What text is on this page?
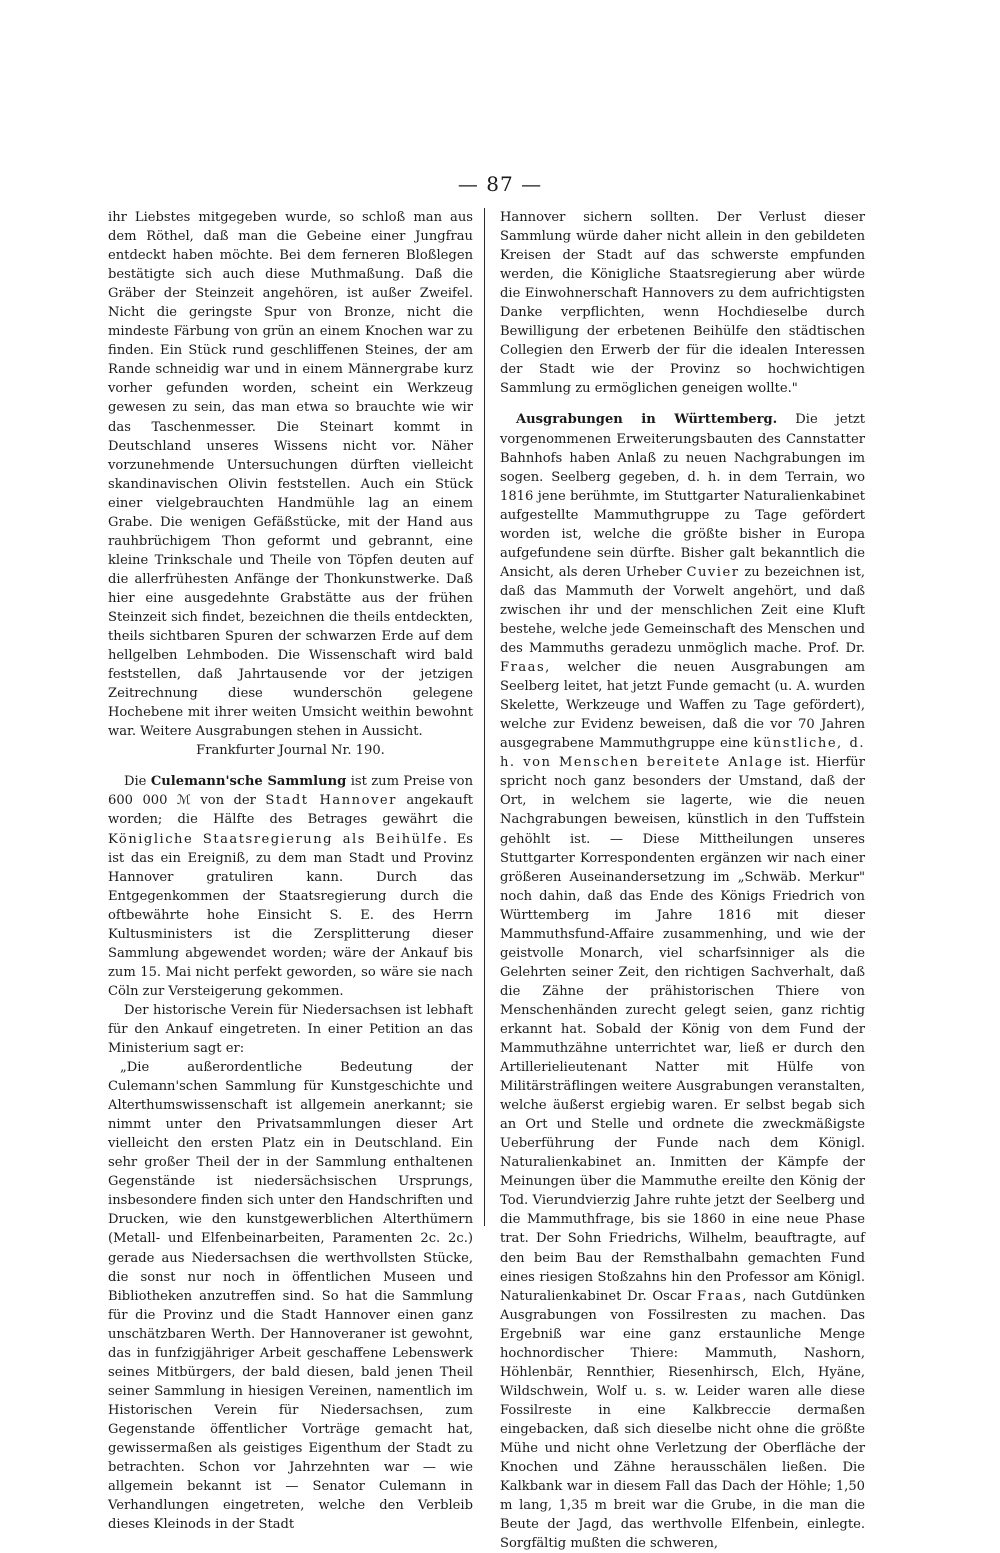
— 87 —

ihr Liebstes mitgegeben wurde, so schloß man aus dem Röthel, daß man die Gebeine einer Jungfrau entdeckt haben möchte. Bei dem ferneren Bloßlegen bestätigte sich auch diese Muthmaßung. Daß die Gräber der Steinzeit angehören, ist außer Zweifel. Nicht die geringste Spur von Bronze, nicht die mindeste Färbung von grün an einem Knochen war zu finden. Ein Stück rund geschliffenen Steines, der am Rande schneidig war und in einem Männergrabe kurz vorher gefunden worden, scheint ein Werkzeug gewesen zu sein, das man etwa so brauchte wie wir das Taschenmesser. Die Steinart kommt in Deutschland unseres Wissens nicht vor. Näher vorzunehmende Untersuchungen dürften vielleicht skandinavischen Olivin feststellen. Auch ein Stück einer vielgebrauchten Handmühle lag an einem Grabe. Die wenigen Gefäßstücke, mit der Hand aus rauhbrüchigem Thon geformt und gebrannt, eine kleine Trinkschale und Theile von Töpfen deuten auf die allerfrühesten Anfänge der Thonkunstwerke. Daß hier eine ausgedehnte Grabstätte aus der frühen Steinzeit sich findet, bezeichnen die theils entdeckten, theils sichtbaren Spuren der schwarzen Erde auf dem hellgelben Lehmboden. Die Wissenschaft wird bald feststellen, daß Jahrtausende vor der jetzigen Zeitrechnung diese wunderschön gelegene Hochebene mit ihrer weiten Umsicht weithin bewohnt war. Weitere Ausgrabungen stehen in Aussicht.

Frankfurter Journal Nr. 190.

Die Culemann'sche Sammlung ist zum Preise von 600 000 ℳ von der Stadt Hannover angekauft worden; die Hälfte des Betrages gewährt die Königliche Staatsregierung als Beihülfe. Es ist das ein Ereigniß, zu dem man Stadt und Provinz Hannover gratuliren kann. Durch das Entgegenkommen der Staatsregierung durch die oftbewährte hohe Einsicht S. E. des Herrn Kultusministers ist die Zersplitterung dieser Sammlung abgewendet worden; wäre der Ankauf bis zum 15. Mai nicht perfekt geworden, so wäre sie nach Cöln zur Versteigerung gekommen.

Der historische Verein für Niedersachsen ist lebhaft für den Ankauf eingetreten. In einer Petition an das Ministerium sagt er:

„Die außerordentliche Bedeutung der Culemann'schen Sammlung für Kunstgeschichte und Alterthumswissenschaft ist allgemein anerkannt; sie nimmt unter den Privatsammlungen dieser Art vielleicht den ersten Platz ein in Deutschland. Ein sehr großer Theil der in der Sammlung enthaltenen Gegenstände ist niedersächsischen Ursprungs, insbesondere finden sich unter den Handschriften und Drucken, wie den kunstgewerblichen Alterthümern (Metall- und Elfenbeinarbeiten, Paramenten 2c. 2c.) gerade aus Niedersachsen die werthvollsten Stücke, die sonst nur noch in öffentlichen Museen und Bibliotheken anzutreffen sind. So hat die Sammlung für die Provinz und die Stadt Hannover einen ganz unschätzbaren Werth. Der Hannoveraner ist gewohnt, das in funfzigjähriger Arbeit geschaffene Lebenswerk seines Mitbürgers, der bald diesen, bald jenen Theil seiner Sammlung in hiesigen Vereinen, namentlich im Historischen Verein für Niedersachsen, zum Gegenstande öffentlicher Vorträge gemacht hat, gewissermaßen als geistiges Eigenthum der Stadt zu betrachten. Schon vor Jahrzehnten war — wie allgemein bekannt ist — Senator Culemann in Verhandlungen eingetreten, welche den Verbleib dieses Kleinods in der Stadt

Hannover sichern sollten. Der Verlust dieser Sammlung würde daher nicht allein in den gebildeten Kreisen der Stadt auf das schwerste empfunden werden, die Königliche Staatsregierung aber würde die Einwohnerschaft Hannovers zu dem aufrichtigsten Danke verpflichten, wenn Hochdieselbe durch Bewilligung der erbetenen Beihülfe den städtischen Collegien den Erwerb der für die idealen Interessen der Stadt wie der Provinz so hochwichtigen Sammlung zu ermöglichen geneigen wollte."

Ausgrabungen in Württemberg. Die jetzt vorgenommenen Erweiterungsbauten des Cannstatter Bahnhofs haben Anlaß zu neuen Nachgrabungen im sogen. Seelberg gegeben, d. h. in dem Terrain, wo 1816 jene berühmte, im Stuttgarter Naturalienkabinet aufgestellte Mammuthgruppe zu Tage gefördert worden ist, welche die größte bisher in Europa aufgefundene sein dürfte. Bisher galt bekanntlich die Ansicht, als deren Urheber Cuvier zu bezeichnen ist, daß das Mammuth der Vorwelt angehört, und daß zwischen ihr und der menschlichen Zeit eine Kluft bestehe, welche jede Gemeinschaft des Menschen und des Mammuths geradezu unmöglich mache. Prof. Dr. Fraas, welcher die neuen Ausgrabungen am Seelberg leitet, hat jetzt Funde gemacht (u. A. wurden Skelette, Werkzeuge und Waffen zu Tage gefördert), welche zur Evidenz beweisen, daß die vor 70 Jahren ausgegrabene Mammuthgruppe eine künstliche, d. h. von Menschen bereitete Anlage ist. Hierfür spricht noch ganz besonders der Umstand, daß der Ort, in welchem sie lagerte, wie die neuen Nachgrabungen beweisen, künstlich in den Tuffstein gehöhlt ist. — Diese Mittheilungen unseres Stuttgarter Korrespondenten ergänzen wir nach einer größeren Auseinandersetzung im „Schwäb. Merkur" noch dahin, daß das Ende des Königs Friedrich von Württemberg im Jahre 1816 mit dieser Mammuthsfund-Affaire zusammenhing, und wie der geistvolle Monarch, viel scharfsinniger als die Gelehrten seiner Zeit, den richtigen Sachverhalt, daß die Zähne der prähistorischen Thiere von Menschenhänden zurecht gelegt seien, ganz richtig erkannt hat. Sobald der König von dem Fund der Mammuthzähne unterrichtet war, ließ er durch den Artillerielieutenant Natter mit Hülfe von Militärsträflingen weitere Ausgrabungen veranstalten, welche äußerst ergiebig waren. Er selbst begab sich an Ort und Stelle und ordnete die zweckmäßigste Ueberführung der Funde nach dem Königl. Naturalienkabinet an. Inmitten der Kämpfe der Meinungen über die Mammuthe ereilte den König der Tod. Vierundvierzig Jahre ruhte jetzt der Seelberg und die Mammuthfrage, bis sie 1860 in eine neue Phase trat. Der Sohn Friedrichs, Wilhelm, beauftragte, auf den beim Bau der Remsthalbahn gemachten Fund eines riesigen Stoßzahns hin den Professor am Königl. Naturalienkabinet Dr. Oscar Fraas, nach Gutdünken Ausgrabungen von Fossilresten zu machen. Das Ergebniß war eine ganz erstaunliche Menge hochnordischer Thiere: Mammuth, Nashorn, Höhlenbär, Rennthier, Riesenhirsch, Elch, Hyäne, Wildschwein, Wolf u. s. w. Leider waren alle diese Fossilreste in eine Kalkbreccie dermaßen eingebacken, daß sich dieselbe nicht ohne die größte Mühe und nicht ohne Verletzung der Oberfläche der Knochen und Zähne herausschälen ließen. Die Kalkbank war in diesem Fall das Dach der Höhle; 1,50 m lang, 1,35 m breit war die Grube, in die man die Beute der Jagd, das werthvolle Elfenbein, einlegte. Sorgfältig mußten die schweren,
